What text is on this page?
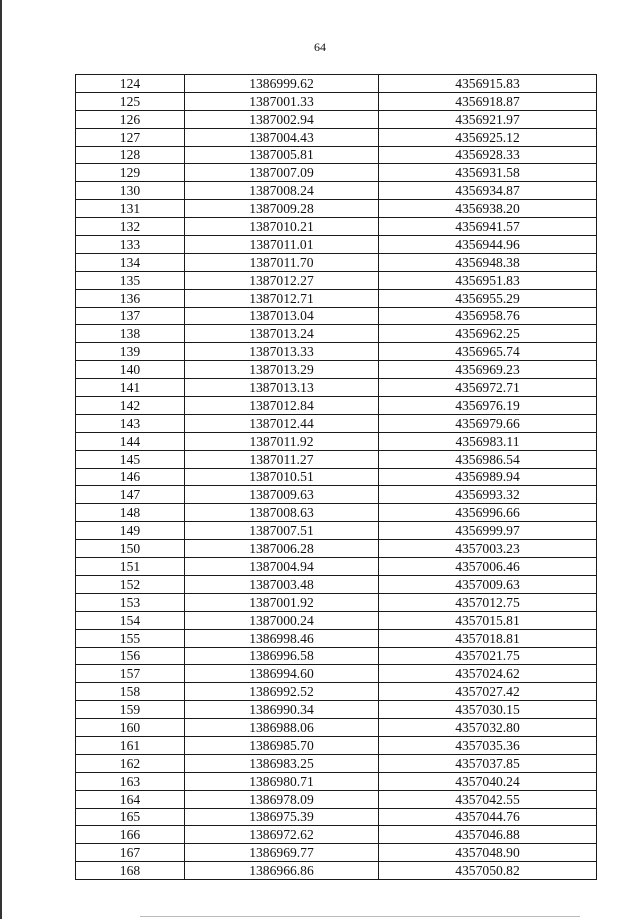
64
124	1386999.62	4356915.83
125	1387001.33	4356918.87
126	1387002.94	4356921.97
127	1387004.43	4356925.12
128	1387005.81	4356928.33
129	1387007.09	4356931.58
130	1387008.24	4356934.87
131	1387009.28	4356938.20
132	1387010.21	4356941.57
133	1387011.01	4356944.96
134	1387011.70	4356948.38
135	1387012.27	4356951.83
136	1387012.71	4356955.29
137	1387013.04	4356958.76
138	1387013.24	4356962.25
139	1387013.33	4356965.74
140	1387013.29	4356969.23
141	1387013.13	4356972.71
142	1387012.84	4356976.19
143	1387012.44	4356979.66
144	1387011.92	4356983.11
145	1387011.27	4356986.54
146	1387010.51	4356989.94
147	1387009.63	4356993.32
148	1387008.63	4356996.66
149	1387007.51	4356999.97
150	1387006.28	4357003.23
151	1387004.94	4357006.46
152	1387003.48	4357009.63
153	1387001.92	4357012.75
154	1387000.24	4357015.81
155	1386998.46	4357018.81
156	1386996.58	4357021.75
157	1386994.60	4357024.62
158	1386992.52	4357027.42
159	1386990.34	4357030.15
160	1386988.06	4357032.80
161	1386985.70	4357035.36
162	1386983.25	4357037.85
163	1386980.71	4357040.24
164	1386978.09	4357042.55
165	1386975.39	4357044.76
166	1386972.62	4357046.88
167	1386969.77	4357048.90
168	1386966.86	4357050.82
